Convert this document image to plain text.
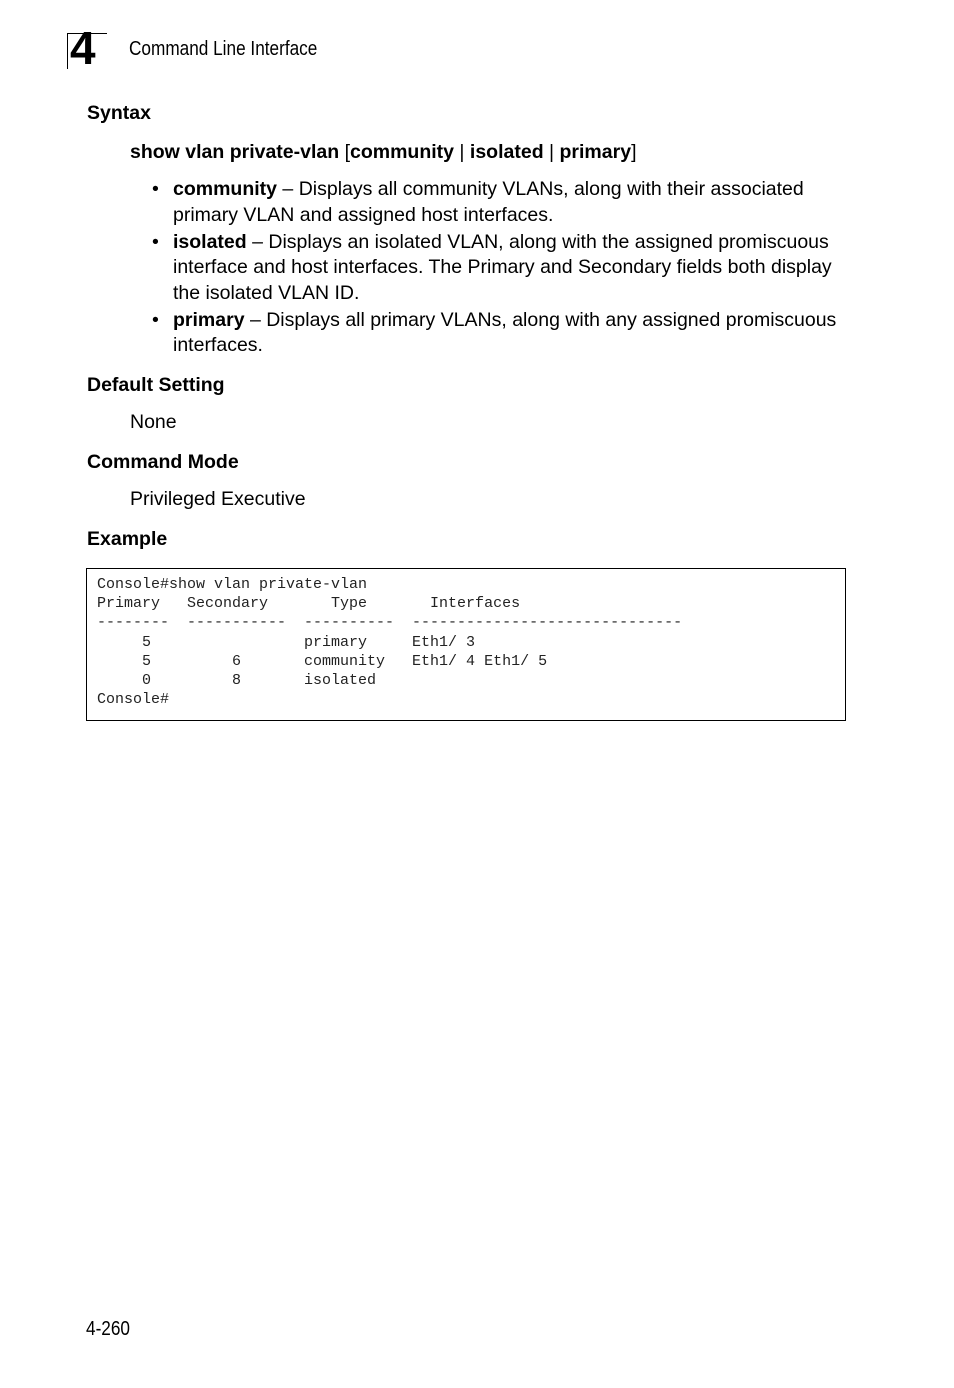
4 Command Line Interface
Syntax
show vlan private-vlan [community | isolated | primary]
• community – Displays all community VLANs, along with their associated primary VLAN and assigned host interfaces.
• isolated – Displays an isolated VLAN, along with the assigned promiscuous interface and host interfaces. The Primary and Secondary fields both display the isolated VLAN ID.
• primary – Displays all primary VLANs, along with any assigned promiscuous interfaces.
Default Setting
None
Command Mode
Privileged Executive
Example
Console#show vlan private-vlan
Primary   Secondary       Type       Interfaces
--------  -----------  ----------  ------------------------------
5                 primary     Eth1/ 3
5         6       community   Eth1/ 4 Eth1/ 5
0         8       isolated
Console#
4-260
